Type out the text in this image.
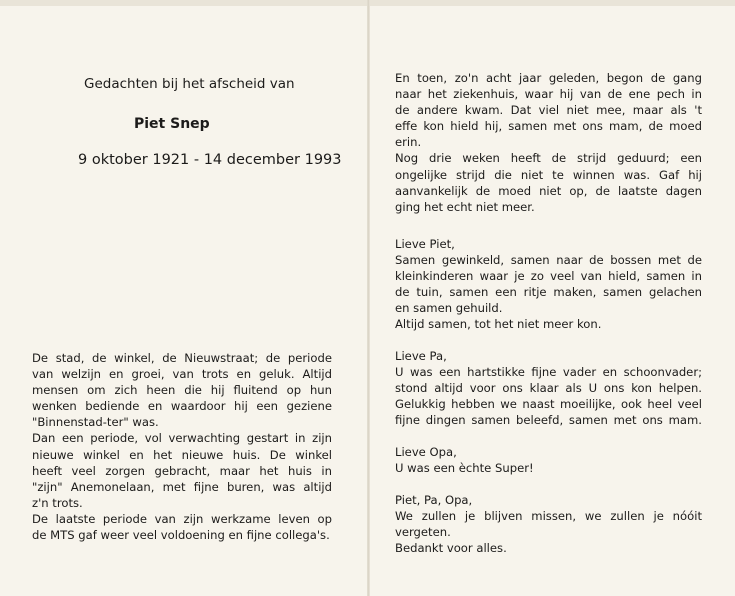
Gedachten bij het afscheid van
Piet Snep
9 oktober 1921 - 14 december 1993
De stad, de winkel, de Nieuwstraat; de periode
van welzijn en groei, van trots en geluk. Altijd
mensen om zich heen die hij fluitend op hun
wenken bediende en waardoor hij een geziene
"Binnenstad-ter" was.
Dan een periode, vol verwachting gestart in zijn
nieuwe winkel en het nieuwe huis. De winkel
heeft veel zorgen gebracht, maar het huis in
"zijn" Anemonelaan, met fijne buren, was altijd
z'n trots.
De laatste periode van zijn werkzame leven op
de MTS gaf weer veel voldoening en fijne collega's.
En toen, zo'n acht jaar geleden, begon de gang
naar het ziekenhuis, waar hij van de ene pech in
de andere kwam. Dat viel niet mee, maar als 't
effe kon hield hij, samen met ons mam, de moed erin.
Nog drie weken heeft de strijd geduurd; een
ongelijke strijd die niet te winnen was. Gaf hij
aanvankelijk de moed niet op, de laatste dagen
ging het echt niet meer.
Lieve Piet,
Samen gewinkeld, samen naar de bossen met de
kleinkinderen waar je zo veel van hield, samen in
de tuin, samen een ritje maken, samen gelachen
en samen gehuild.
Altijd samen, tot het niet meer kon.
Lieve Pa,
U was een hartstikke fijne vader en schoonvader;
stond altijd voor ons klaar als U ons kon helpen.
Gelukkig hebben we naast moeilijke, ook heel veel
fijne dingen samen beleefd, samen met ons mam.
Lieve Opa,
U was een èchte Super!
Piet, Pa, Opa,
We zullen je blijven missen, we zullen je nóóit
vergeten.
Bedankt voor alles.
